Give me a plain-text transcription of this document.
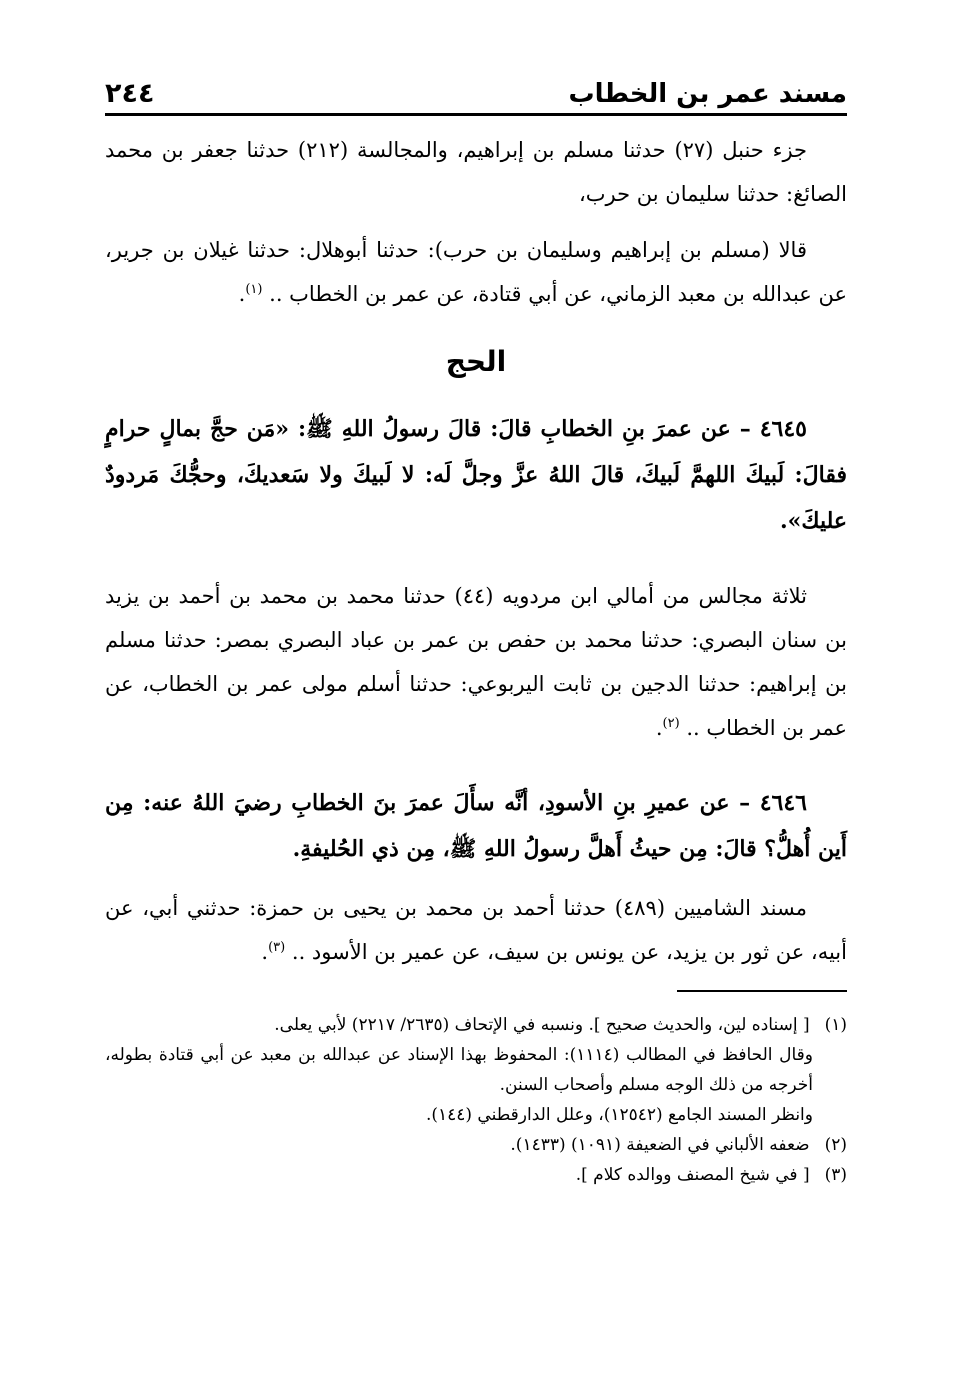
مسند عمر بن الخطاب
٢٤٤

جزء حنبل (٢٧) حدثنا مسلم بن إبراهيم، والمجالسة (٢١٢) حدثنا جعفر بن محمد الصائغ: حدثنا سليمان بن حرب،

قالا (مسلم بن إبراهيم وسليمان بن حرب): حدثنا أبوهلال: حدثنا غيلان بن جرير، عن عبدالله بن معبد الزماني، عن أبي قتادة، عن عمر بن الخطاب .. $^{(١)}$.

الحج

٤٦٤٥ – عن عمرَ بنِ الخطابِ قالَ: قالَ رسولُ اللهِ ﷺ: «مَن حجَّ بمالٍ حرامٍ فقالَ: لَبيكَ اللهمَّ لَبيكَ، قالَ اللهُ عزَّ وجلَّ لَه: لا لَبيكَ ولا سَعديكَ، وحجُّكَ مَردودٌ عليكَ».

ثلاثة مجالس من أمالي ابن مردويه (٤٤) حدثنا محمد بن محمد بن أحمد بن يزيد بن سنان البصري: حدثنا محمد بن حفص بن عمر بن عباد البصري بمصر: حدثنا مسلم بن إبراهيم: حدثنا الدجين بن ثابت اليربوعي: حدثنا أسلم مولى عمر بن الخطاب، عن عمر بن الخطاب .. $^{(٢)}$.

٤٦٤٦ – عن عميرِ بنِ الأسودِ، أنَّه سأَلَ عمرَ بنَ الخطابِ رضيَ اللهُ عنه: مِن أَين أُهلُّ؟ قالَ: مِن حيثُ أَهلَّ رسولُ اللهِ ﷺ، مِن ذي الحُليفةِ.

مسند الشاميين (٤٨٩) حدثنا أحمد بن محمد بن يحيى بن حمزة: حدثني أبي، عن أبيه، عن ثور بن يزيد، عن يونس بن سيف، عن عمير بن الأسود .. $^{(٣)}$.

(١) [ إسناده لين، والحديث صحيح ]. ونسبه في الإتحاف (٢٦٣٥/ ٢٢١٧) لأبي يعلى.

وقال الحافظ في المطالب (١١١٤): المحفوظ بهذا الإسناد عن عبدالله بن معبد عن أبي قتادة بطوله، أخرجه من ذلك الوجه مسلم وأصحاب السنن.

وانظر المسند الجامع (١٢٥٤٢)، وعلل الدارقطني (١٤٤).

(٢) ضعفه الألباني في الضعيفة (١٠٩١) (١٤٣٣).

(٣) [ في شيخ المصنف ووالده كلام ].
